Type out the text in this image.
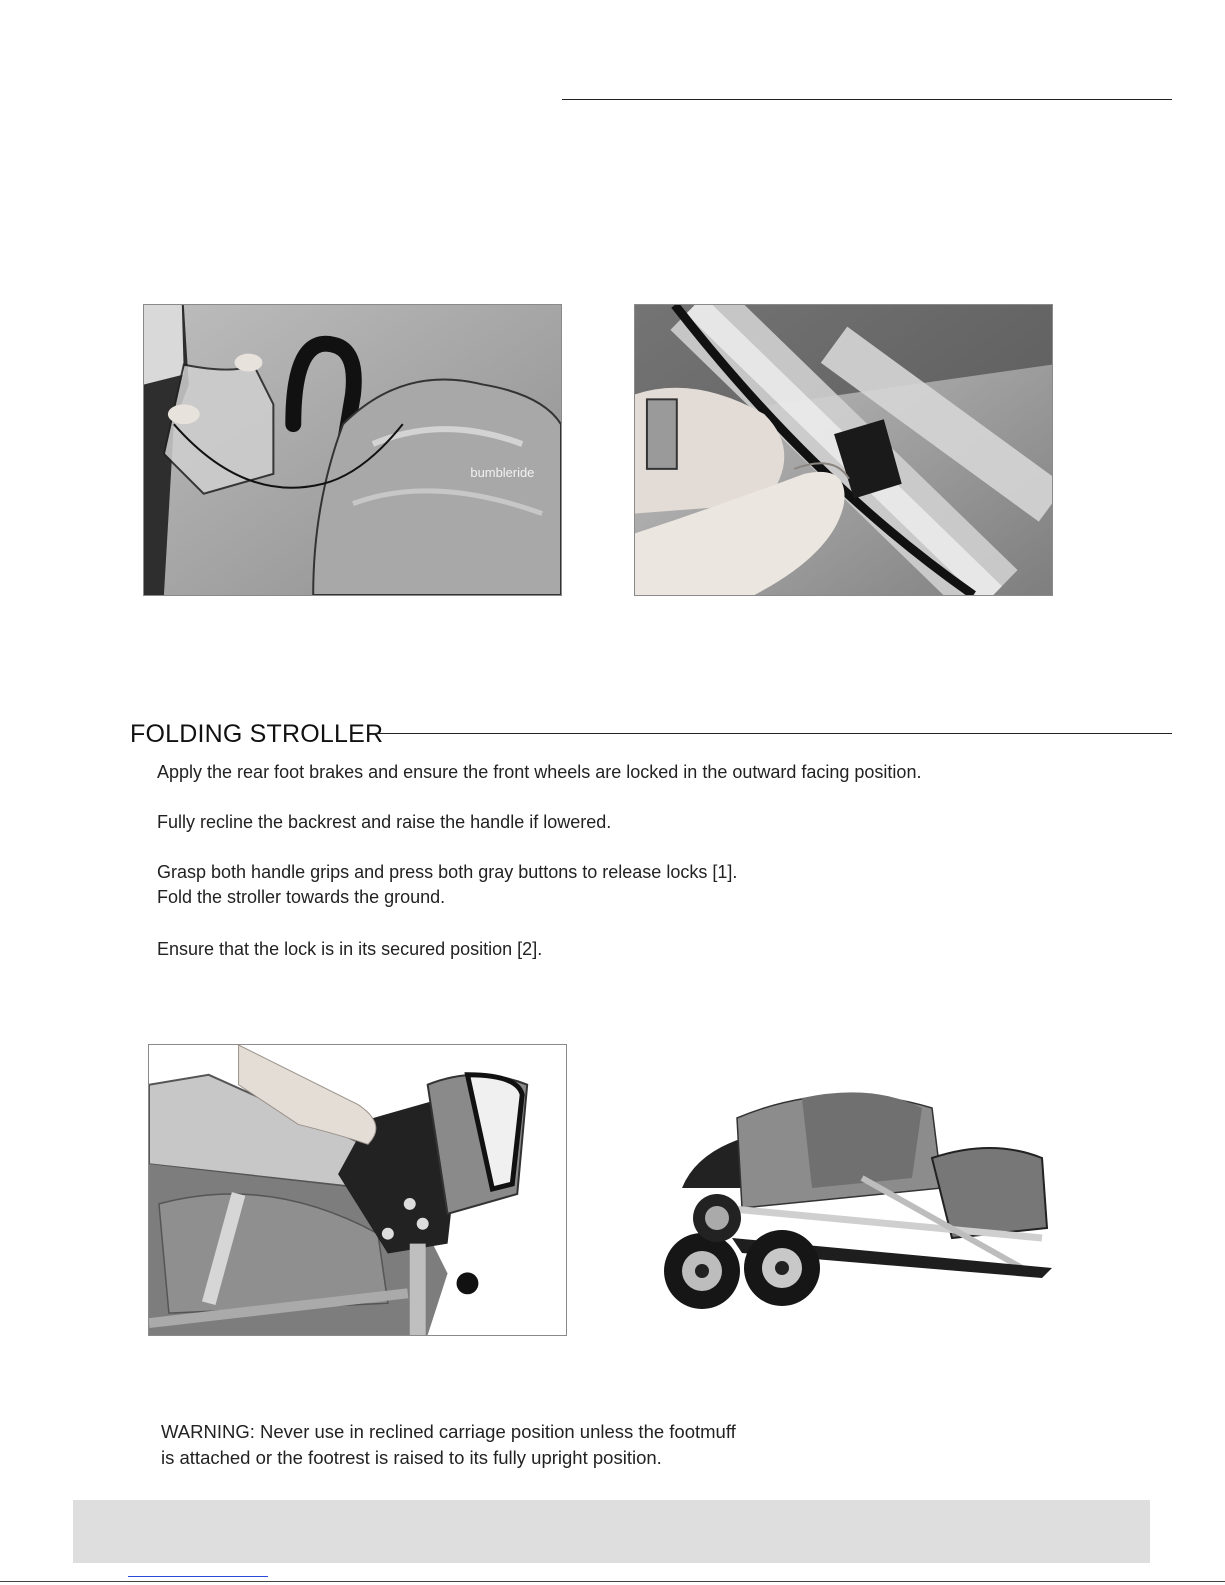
bumbleride
FOLDING STROLLER
Apply the rear foot brakes and ensure the front wheels are locked in the outward facing position.
Fully recline the backrest and raise the handle if lowered.
Grasp both handle grips and press both gray buttons to release locks [1].
Fold the stroller towards the ground.
Ensure that the lock is in its secured position [2].
WARNING: Never use in reclined carriage position unless the footmuff
is attached or the footrest is raised to its fully upright position.
